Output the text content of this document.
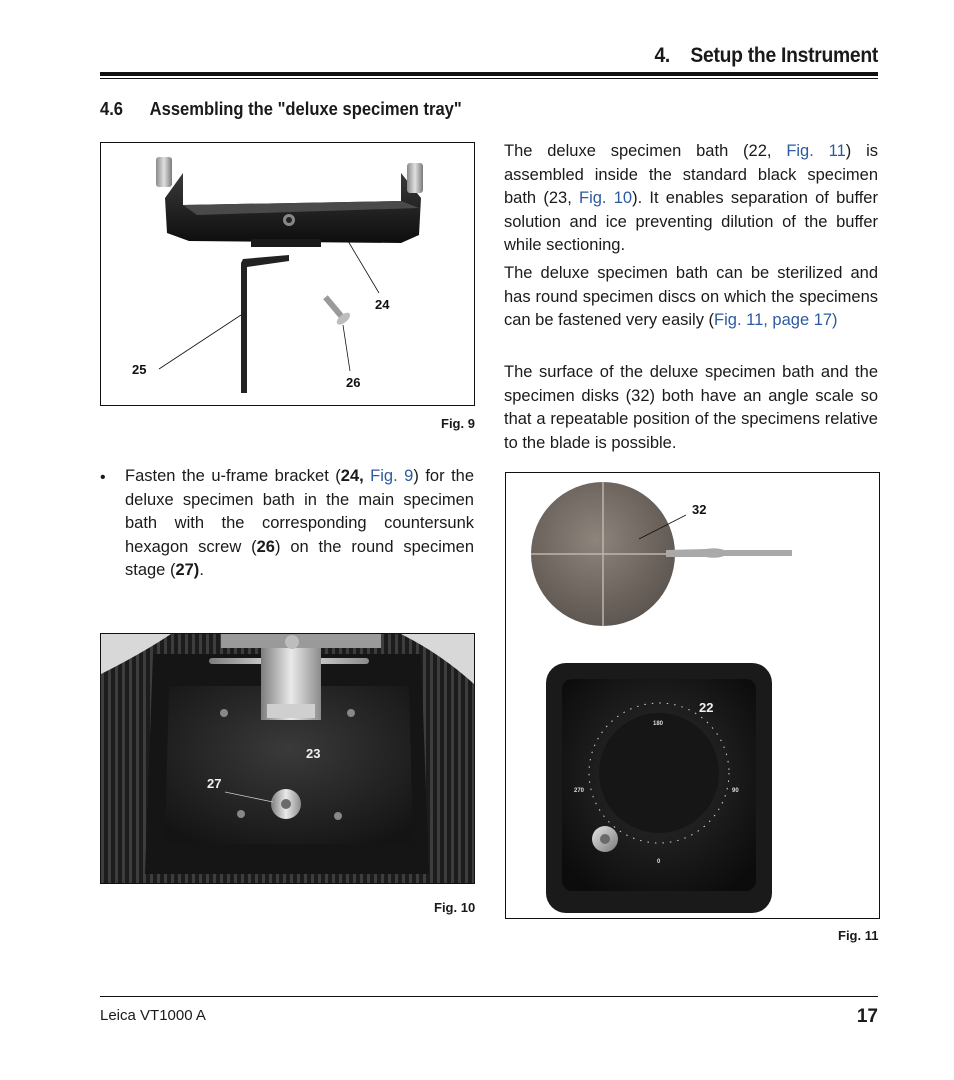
4. Setup the Instrument
4.6 Assembling the "deluxe specimen tray"
24
25
26
Fig. 9
The deluxe specimen bath (22, Fig. 11) is assembled inside the standard black specimen bath (23, Fig. 10). It enables separation of buffer solution and ice preventing dilution of the buffer while sectioning.
The deluxe specimen bath can be sterilized and has round specimen discs on which the specimens can be fastened very easily (Fig. 11, page 17)
The surface of the deluxe specimen bath and the specimen disks (32) both have an angle scale so that a repeatable position of the specimens relative to the blade is possible.
• Fasten the u-frame bracket (24, Fig. 9) for the deluxe specimen bath in the main specimen bath with the corresponding countersunk hexagon screw (26) on the round specimen stage (27).
23
27
Fig. 10
32
22
180
270	90
0
Fig. 11
Leica VT1000 A	17
